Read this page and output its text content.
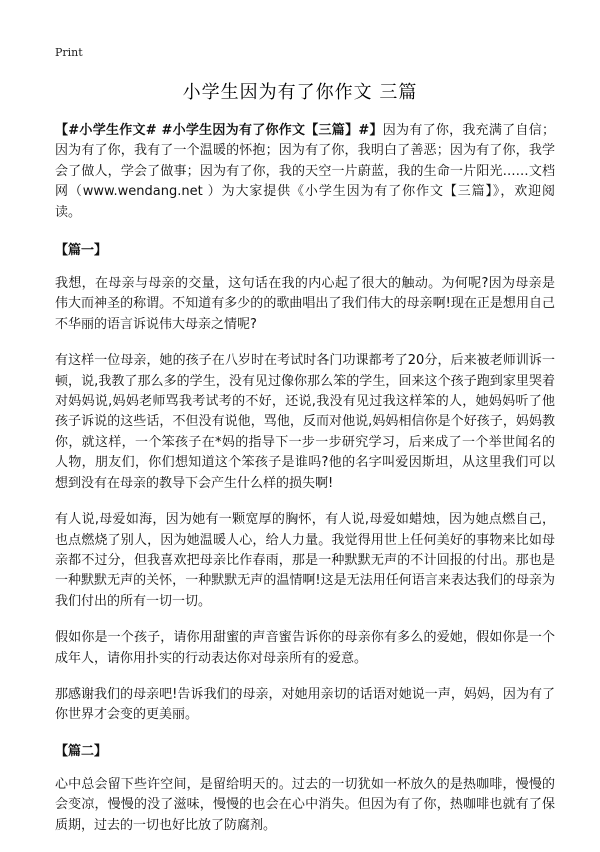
Print
小学生因为有了你作文 三篇

【#小学生作文# #小学生因为有了你作文【三篇】#】因为有了你，我充满了自信；因为有了你，我有了一个温暖的怀抱；因为有了你，我明白了善恶；因为有了你，我学会了做人，学会了做事；因为有了你，我的天空一片蔚蓝，我的生命一片阳光……文档网（www.wendang.net ）为大家提供《小学生因为有了你作文【三篇】》，欢迎阅读。

【篇一】

我想，在母亲与母亲的交量，这句话在我的内心起了很大的触动。为何呢?因为母亲是伟大而神圣的称谓。不知道有多少的的歌曲唱出了我们伟大的母亲啊!现在正是想用自己不华丽的语言诉说伟大母亲之情呢?

有这样一位母亲，她的孩子在八岁时在考试时各门功课都考了20分，后来被老师训诉一顿，说,我教了那么多的学生，没有见过像你那么笨的学生，回来这个孩子跑到家里哭着对妈妈说,妈妈老师骂我考试考的不好，还说,我没有见过我这样笨的人，她妈妈听了他孩子诉说的这些话，不但没有说他，骂他，反而对他说,妈妈相信你是个好孩子，妈妈教你，就这样，一个笨孩子在*妈的指导下一步一步研究学习，后来成了一个举世闻名的人物，朋友们，你们想知道这个笨孩子是谁吗?他的名字叫爱因斯坦，从这里我们可以想到没有在母亲的教导下会产生什么样的损失啊!

有人说,母爱如海，因为她有一颗宽厚的胸怀，有人说,母爱如蜡烛，因为她点燃自己，也点燃烧了别人，因为她温暖人心，给人力量。我觉得用世上任何美好的事物来比如母亲都不过分，但我喜欢把母亲比作春雨，那是一种默默无声的不计回报的付出。那也是一种默默无声的关怀，一种默默无声的温情啊!这是无法用任何语言来表达我们的母亲为我们付出的所有一切一切。

假如你是一个孩子，请你用甜蜜的声音蜜告诉你的母亲你有多么的爱她，假如你是一个成年人，请你用扑实的行动表达你对母亲所有的爱意。

那感谢我们的母亲吧!告诉我们的母亲，对她用亲切的话语对她说一声，妈妈，因为有了你世界才会变的更美丽。

【篇二】

心中总会留下些许空间，是留给明天的。过去的一切犹如一杯放久的是热咖啡，慢慢的会变凉，慢慢的没了滋味，慢慢的也会在心中消失。但因为有了你，热咖啡也就有了保质期，过去的一切也好比放了防腐剂。
